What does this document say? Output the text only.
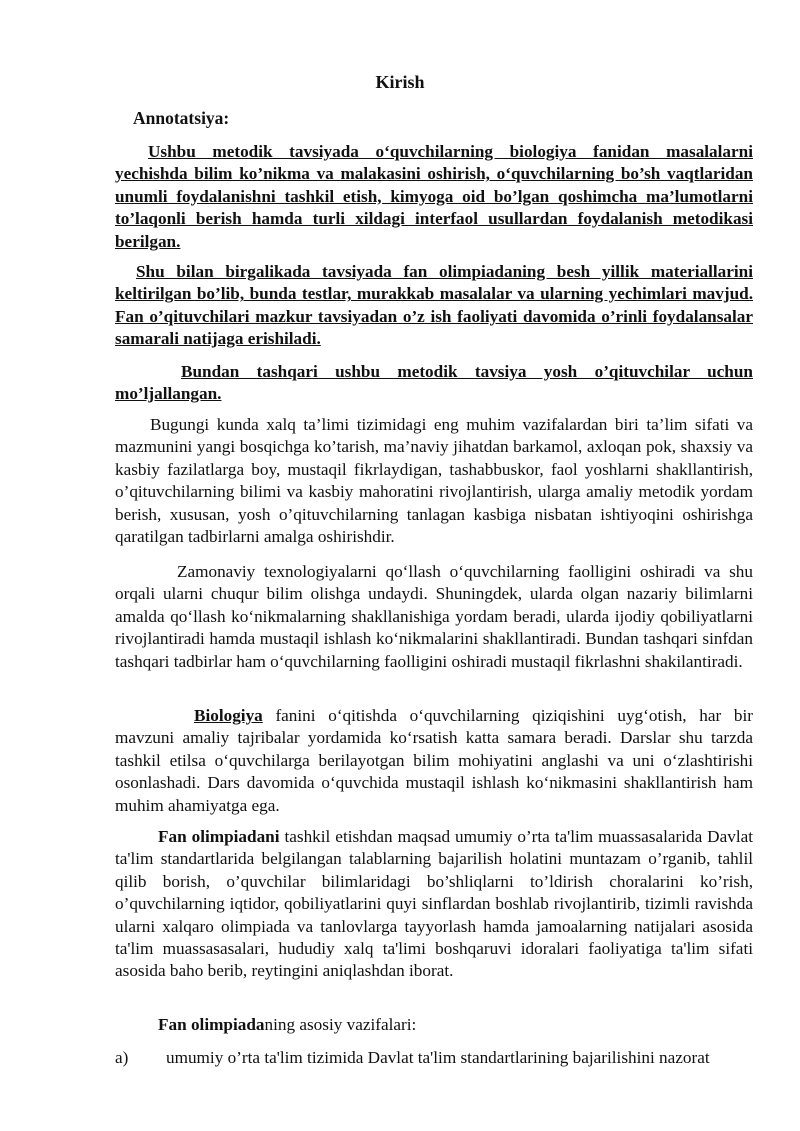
Kirish
Annotatsiya:

Ushbu metodik tavsiyada o‘quvchilarning biologiya fanidan masalalarni yechishda bilim ko’nikma va malakasini oshirish, o‘quvchilarning bo’sh vaqtlaridan unumli foydalanishni tashkil etish, kimyoga oid bo’lgan qoshimcha ma’lumotlarni to’laqonli berish hamda turli xildagi interfaol usullardan foydalanish metodikasi berilgan.

Shu bilan birgalikada tavsiyada fan olimpiadaning besh yillik materiallarini keltirilgan bo’lib, bunda testlar, murakkab masalalar va ularning yechimlari mavjud. Fan o’qituvchilari mazkur tavsiyadan o’z ish faoliyati davomida o’rinli foydalansalar samarali natijaga erishiladi.

Bundan tashqari ushbu metodik tavsiya yosh o’qituvchilar uchun mo’ljallangan.

Bugungi kunda xalq ta’limi tizimidagi eng muhim vazifalardan biri ta’lim sifati va mazmunini yangi bosqichga ko’tarish, ma’naviy jihatdan barkamol, axloqan pok, shaxsiy va kasbiy fazilatlarga boy, mustaqil fikrlaydigan, tashabbuskor, faol yoshlarni shakllantirish, o’qituvchilarning bilimi va kasbiy mahoratini rivojlantirish, ularga amaliy metodik yordam berish, xususan, yosh o’qituvchilarning tanlagan kasbiga nisbatan ishtiyoqini oshirishga qaratilgan tadbirlarni amalga oshirishdir.

Zamonaviy texnologiyalarni qo‘llash o‘quvchilarning faolligini oshiradi va shu orqali ularni chuqur bilim olishga undaydi. Shuningdek, ularda olgan nazariy bilimlarni amalda qo‘llash ko‘nikmalarning shakllanishiga yordam beradi, ularda ijodiy qobiliyatlarni rivojlantiradi hamda mustaqil ishlash ko‘nikmalarini shakllantiradi. Bundan tashqari sinfdan tashqari tadbirlar ham o‘quvchilarning faolligini oshiradi mustaqil fikrlashni shakilantiradi.

Biologiya fanini o‘qitishda o‘quvchilarning qiziqishini uyg‘otish, har bir mavzuni amaliy tajribalar yordamida ko‘rsatish katta samara beradi. Darslar shu tarzda tashkil etilsa o‘quvchilarga berilayotgan bilim mohiyatini anglashi va uni o‘zlashtirishi osonlashadi. Dars davomida o‘quvchida mustaqil ishlash ko‘nikmasini shakllantirish ham muhim ahamiyatga ega.

Fan olimpiadani tashkil etishdan maqsad umumiy o’rta ta'lim muassasalarida Davlat ta'lim standartlarida belgilangan talablarning bajarilish holatini muntazam o’rganib, tahlil qilib borish, o’quvchilar bilimlaridagi bo’shliqlarni to’ldirish choralarini ko’rish, o’quvchilarning iqtidor, qobiliyatlarini quyi sinflardan boshlab rivojlantirib, tizimli ravishda ularni xalqaro olimpiada va tanlovlarga tayyorlash hamda jamoalarning natijalari asosida ta'lim muassasasalari, hududiy xalq ta'limi boshqaruvi idoralari faoliyatiga ta'lim sifati asosida baho berib, reytingini aniqlashdan iborat.

Fan olimpiadaning asosiy vazifalari:

a) umumiy o’rta ta'lim tizimida Davlat ta'lim standartlarining bajarilishini nazorat
